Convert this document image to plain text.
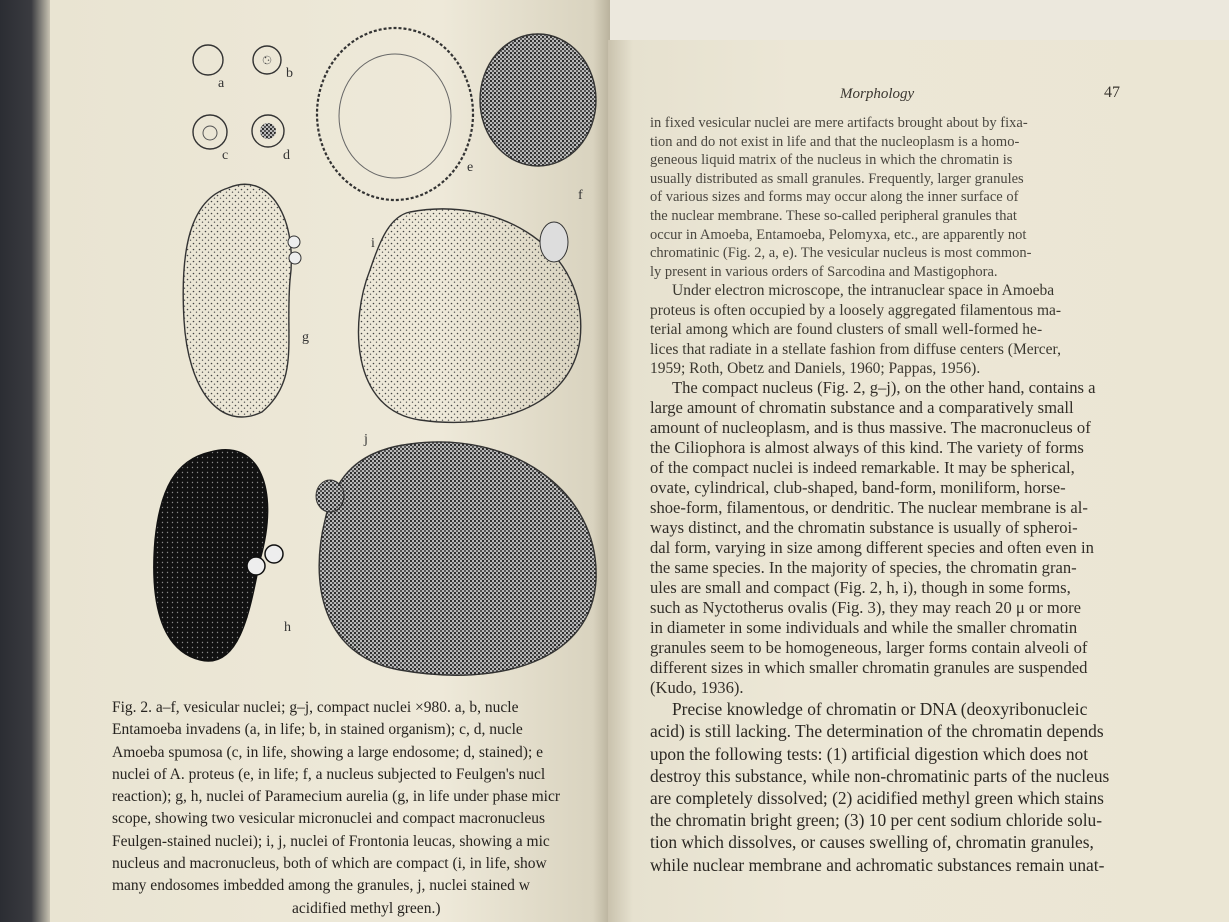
a
b
c	d
e
f
g
i
h
j
Fig. 2. a–f, vesicular nuclei; g–j, compact nuclei ×980. a, b, nucle
Entamoeba invadens (a, in life; b, in stained organism); c, d, nucle
Amoeba spumosa (c, in life, showing a large endosome; d, stained); e
nuclei of A. proteus (e, in life; f, a nucleus subjected to Feulgen's nucl
reaction); g, h, nuclei of Paramecium aurelia (g, in life under phase micr
scope, showing two vesicular micronuclei and compact macronucleus
Feulgen-stained nuclei); i, j, nuclei of Frontonia leucas, showing a mic
nucleus and macronucleus, both of which are compact (i, in life, show
many endosomes imbedded among the granules, j, nuclei stained w
acidified methyl green.)
Morphology	47
in fixed vesicular nuclei are mere artifacts brought about by fixa-
tion and do not exist in life and that the nucleoplasm is a homo-
geneous liquid matrix of the nucleus in which the chromatin is
usually distributed as small granules. Frequently, larger granules
of various sizes and forms may occur along the inner surface of
the nuclear membrane. These so-called peripheral granules that
occur in Amoeba, Entamoeba, Pelomyxa, etc., are apparently not
chromatinic (Fig. 2, a, e). The vesicular nucleus is most common-
ly present in various orders of Sarcodina and Mastigophora.
Under electron microscope, the intranuclear space in Amoeba
proteus is often occupied by a loosely aggregated filamentous ma-
terial among which are found clusters of small well-formed he-
lices that radiate in a stellate fashion from diffuse centers (Mercer,
1959; Roth, Obetz and Daniels, 1960; Pappas, 1956).
The compact nucleus (Fig. 2, g–j), on the other hand, contains a
large amount of chromatin substance and a comparatively small
amount of nucleoplasm, and is thus massive. The macronucleus of
the Ciliophora is almost always of this kind. The variety of forms
of the compact nuclei is indeed remarkable. It may be spherical,
ovate, cylindrical, club-shaped, band-form, moniliform, horse-
shoe-form, filamentous, or dendritic. The nuclear membrane is al-
ways distinct, and the chromatin substance is usually of spheroi-
dal form, varying in size among different species and often even in
the same species. In the majority of species, the chromatin gran-
ules are small and compact (Fig. 2, h, i), though in some forms,
such as Nyctotherus ovalis (Fig. 3), they may reach 20 μ or more
in diameter in some individuals and while the smaller chromatin
granules seem to be homogeneous, larger forms contain alveoli of
different sizes in which smaller chromatin granules are suspended
(Kudo, 1936).
Precise knowledge of chromatin or DNA (deoxyribonucleic
acid) is still lacking. The determination of the chromatin depends
upon the following tests: (1) artificial digestion which does not
destroy this substance, while non-chromatinic parts of the nucleus
are completely dissolved; (2) acidified methyl green which stains
the chromatin bright green; (3) 10 per cent sodium chloride solu-
tion which dissolves, or causes swelling of, chromatin granules,
while nuclear membrane and achromatic substances remain unat-
